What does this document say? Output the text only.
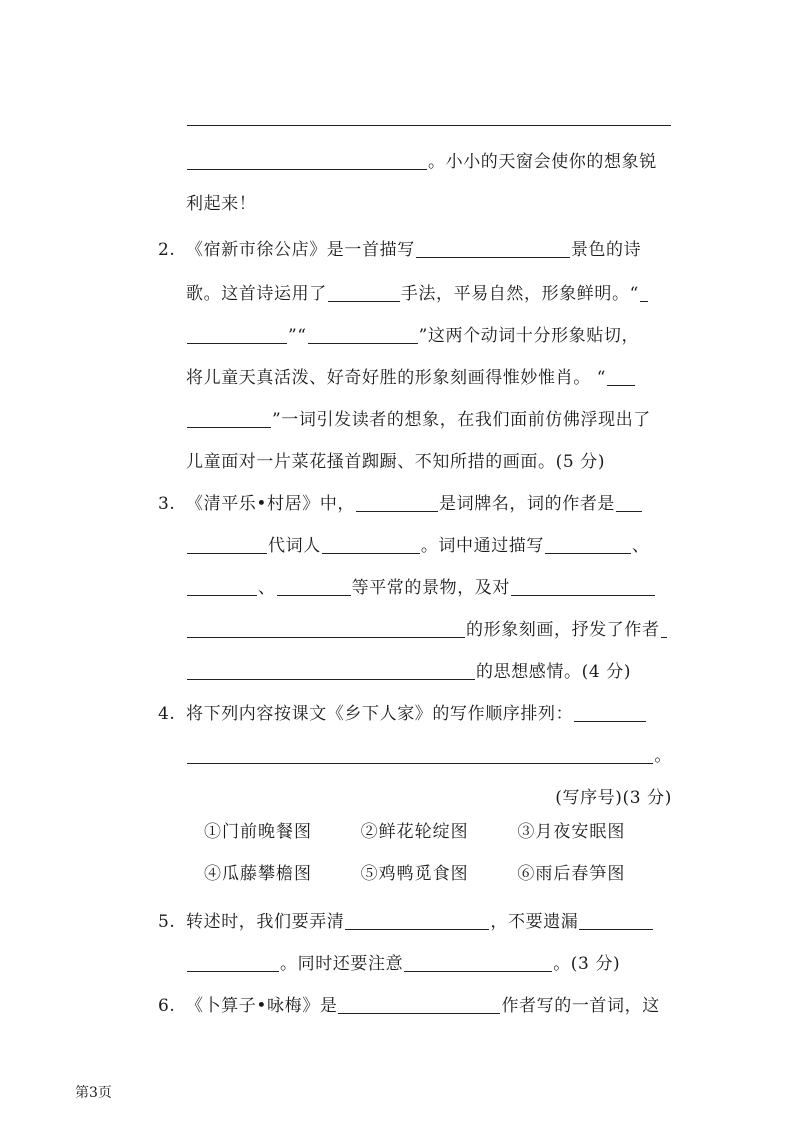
。小小的天窗会使你的想象锐
利起来！
2. 《宿新市徐公店》是一首描写	景色的诗
歌。这首诗运用了	手法，平易自然，形象鲜明。“
”“	”这两个动词十分形象贴切，
将儿童天真活泼、好奇好胜的形象刻画得惟妙惟肖。 “
”一词引发读者的想象，在我们面前仿佛浮现出了
儿童面对一片菜花搔首踟蹰、不知所措的画面。(5 分)
3. 《清平乐•村居》中，	是词牌名，词的作者是
代词人	。词中通过描写	、
、	等平常的景物，及对
的形象刻画，抒发了作者
的思想感情。(4 分)
4. 将下列内容按课文《乡下人家》的写作顺序排列：
。
(写序号)(3 分)
①门前晚餐图	②鲜花轮绽图	③月夜安眠图
④瓜藤攀檐图	⑤鸡鸭觅食图	⑥雨后春笋图
5. 转述时，我们要弄清	，不要遗漏
。同时还要注意	。(3 分)
6. 《卜算子•咏梅》是	作者写的一首词，这
第3页
